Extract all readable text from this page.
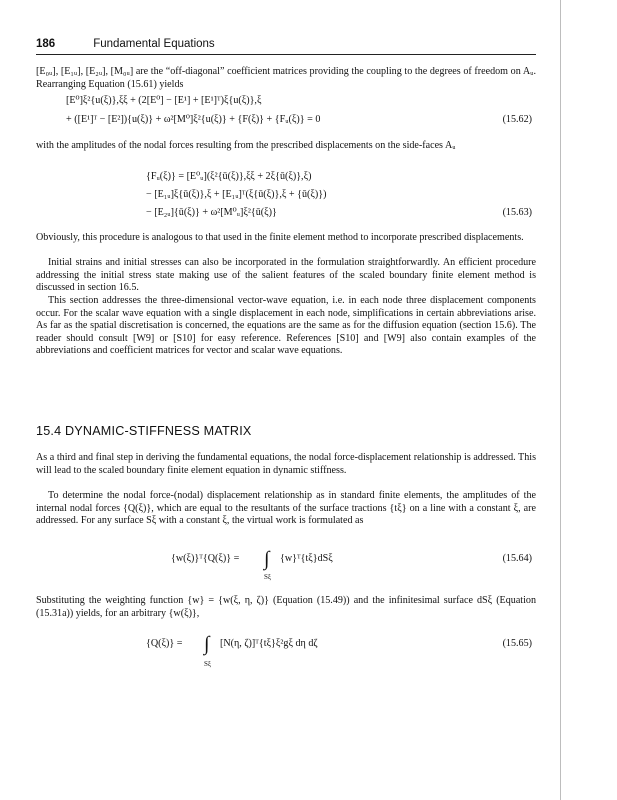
186	Fundamental Equations

[E₀ᵤ], [E₁ᵤ], [E₂ᵤ], [M₀ᵤ] are the “off-diagonal” coefficient matrices providing the coupling to the degrees of freedom on Aᵤ. Rearranging Equation (15.61) yields

[E⁰]ξ²{u(ξ)},ξξ + (2[E⁰] − [E¹] + [E¹]ᵀ)ξ{u(ξ)},ξ
+ ([E¹]ᵀ − [E²]){u(ξ)} + ω²[M⁰]ξ²{u(ξ)} + {F(ξ)} + {Fᵤ(ξ)} = 0	(15.62)

with the amplitudes of the nodal forces resulting from the prescribed displacements on the side-faces Aᵤ

{Fᵤ(ξ)} = [E⁰ᵤ](ξ²{ū(ξ)},ξξ + 2ξ{ū(ξ)},ξ)
− [E₁ᵤ]ξ{ū(ξ)},ξ + [E₁ᵤ]ᵀ(ξ{ū(ξ)},ξ + {ū(ξ)})
− [E₂ᵤ]{ū(ξ)} + ω²[M⁰ᵤ]ξ²{ū(ξ)}	(15.63)

Obviously, this procedure is analogous to that used in the finite element method to incorporate prescribed displacements.

Initial strains and initial stresses can also be incorporated in the formulation straightforwardly. An efficient procedure addressing the initial stress state making use of the salient features of the scaled boundary finite element method is discussed in section 16.5.

This section addresses the three-dimensional vector-wave equation, i.e. in each node three displacement components occur. For the scalar wave equation with a single displacement in each node, simplifications in certain abbreviations arise. As far as the spatial discretisation is concerned, the equations are the same as for the diffusion equation (section 15.6). The reader should consult [W9] or [S10] for easy reference. References [S10] and [W9] also contain examples of the abbreviations and coefficient matrices for vector and scalar wave equations.

15.4 DYNAMIC-STIFFNESS MATRIX

As a third and final step in deriving the fundamental equations, the nodal force-displacement relationship is addressed. This will lead to the scaled boundary finite element equation in dynamic stiffness.

To determine the nodal force-(nodal) displacement relationship as in standard finite elements, the amplitudes of the internal nodal forces {Q(ξ)}, which are equal to the resultants of the surface tractions {tξ} on a line with a constant ξ, are addressed. For any surface Sξ with a constant ξ, the virtual work is formulated as

{w(ξ)}ᵀ{Q(ξ)} = ∫ {w}ᵀ{tξ}dSξ
Sξ
(15.64)

Substituting the weighting function {w} = {w(ξ, η, ζ)} (Equation (15.49)) and the infinitesimal surface dSξ (Equation (15.31a)) yields, for an arbitrary {w(ξ)},

{Q(ξ)} = ∫ [N(η, ζ)]ᵀ{tξ}ξ²gξ dη dζ
Sξ
(15.65)
